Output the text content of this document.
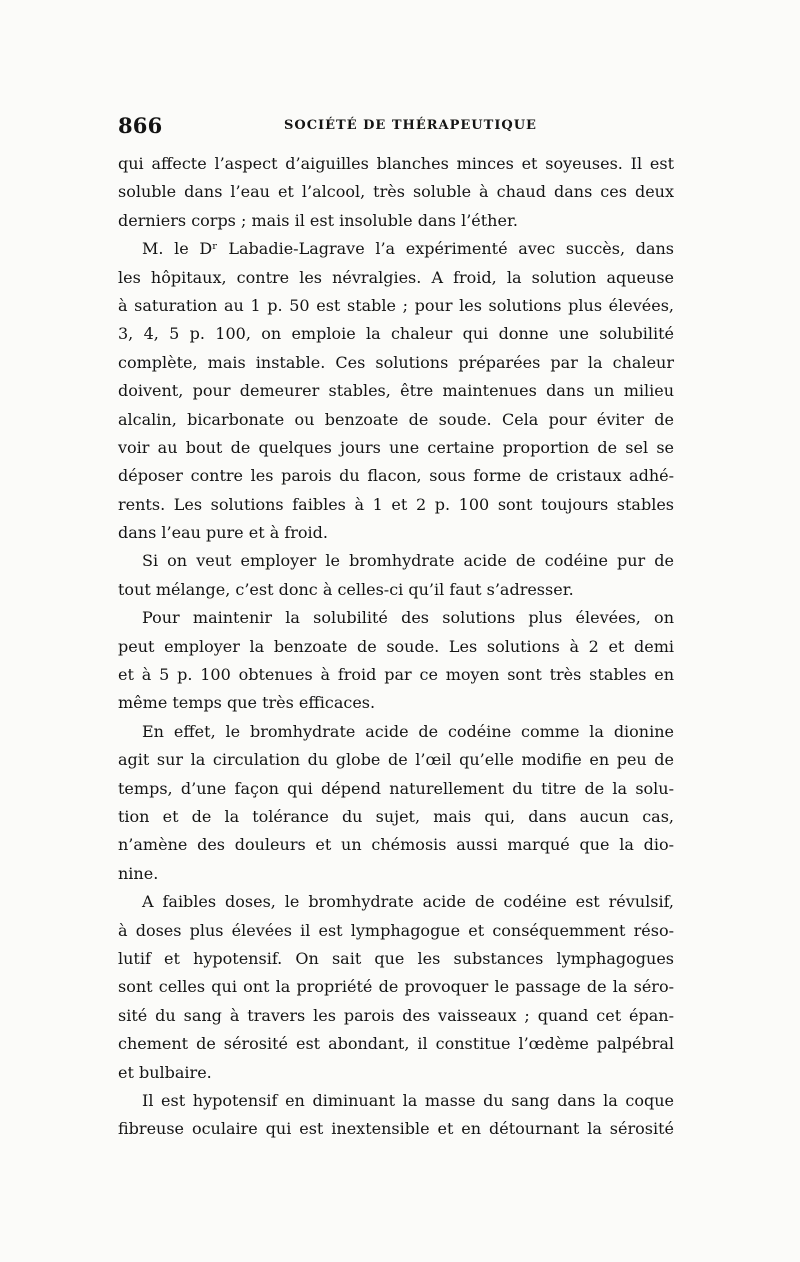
866	SOCIÉTÉ DE THÉRAPEUTIQUE
qui affecte l’aspect d’aiguilles blanches minces et soyeuses. Il est
soluble dans l’eau et l’alcool, très soluble à chaud dans ces deux
derniers corps ; mais il est insoluble dans l’éther.
M. le Dʳ Labadie-Lagrave l’a expérimenté avec succès, dans
les hôpitaux, contre les névralgies. A froid, la solution aqueuse
à saturation au 1 p. 50 est stable ; pour les solutions plus élevées,
3, 4, 5 p. 100, on emploie la chaleur qui donne une solubilité
complète, mais instable. Ces solutions préparées par la chaleur
doivent, pour demeurer stables, être maintenues dans un milieu
alcalin, bicarbonate ou benzoate de soude. Cela pour éviter de
voir au bout de quelques jours une certaine proportion de sel se
déposer contre les parois du flacon, sous forme de cristaux adhé-
rents. Les solutions faibles à 1 et 2 p. 100 sont toujours stables
dans l’eau pure et à froid.
Si on veut employer le bromhydrate acide de codéine pur de
tout mélange, c’est donc à celles-ci qu’il faut s’adresser.
Pour maintenir la solubilité des solutions plus élevées, on
peut employer la benzoate de soude. Les solutions à 2 et demi
et à 5 p. 100 obtenues à froid par ce moyen sont très stables en
même temps que très efficaces.
En effet, le bromhydrate acide de codéine comme la dionine
agit sur la circulation du globe de l’œil qu’elle modifie en peu de
temps, d’une façon qui dépend naturellement du titre de la solu-
tion et de la tolérance du sujet, mais qui, dans aucun cas,
n’amène des douleurs et un chémosis aussi marqué que la dio-
nine.
A faibles doses, le bromhydrate acide de codéine est révulsif,
à doses plus élevées il est lymphagogue et conséquemment réso-
lutif et hypotensif. On sait que les substances lymphagogues
sont celles qui ont la propriété de provoquer le passage de la séro-
sité du sang à travers les parois des vaisseaux ; quand cet épan-
chement de sérosité est abondant, il constitue l’œdème palpébral
et bulbaire.
Il est hypotensif en diminuant la masse du sang dans la coque
fibreuse oculaire qui est inextensible et en détournant la sérosité
